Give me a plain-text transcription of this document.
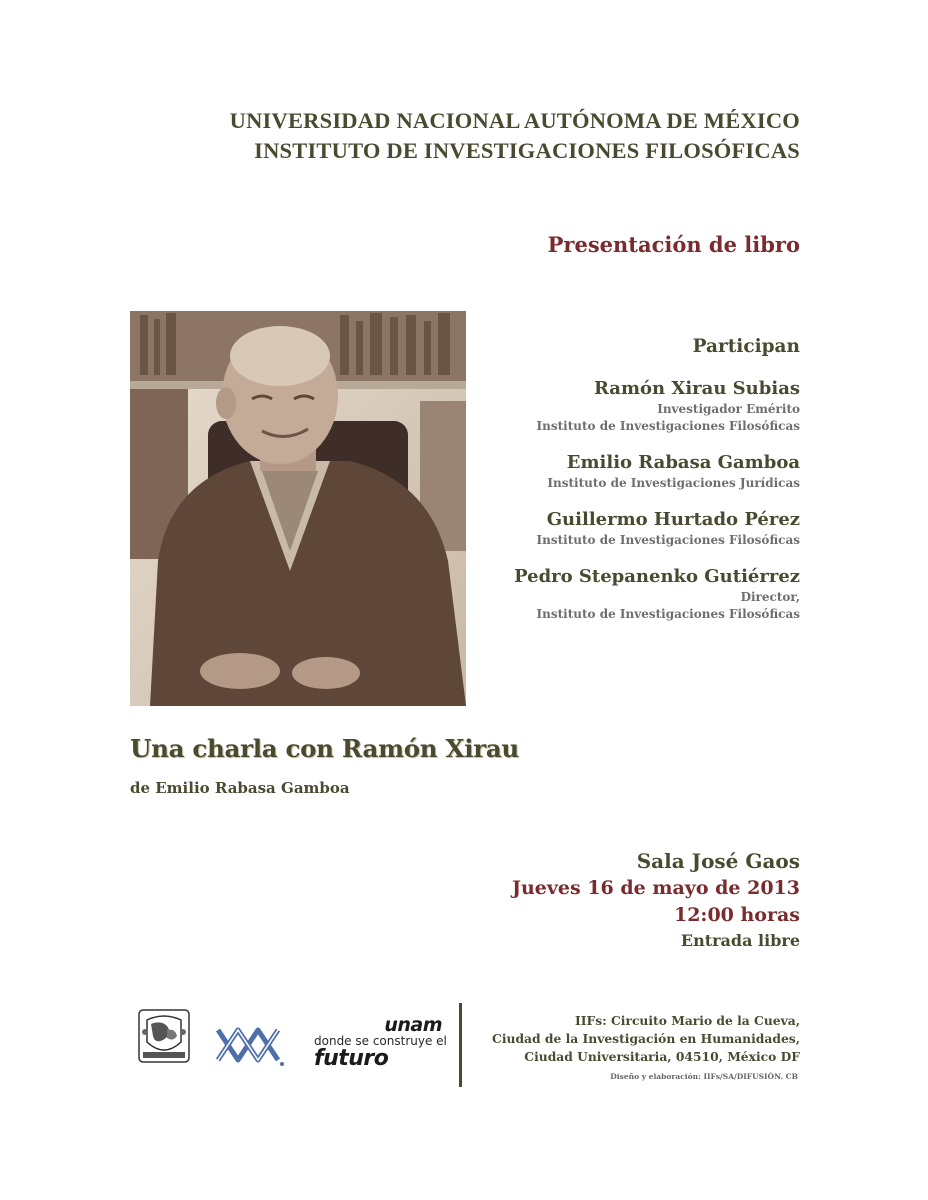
UNIVERSIDAD NACIONAL AUTÓNOMA DE MÉXICO
INSTITUTO DE INVESTIGACIONES FILOSÓFICAS
Presentación de libro
Participan
Ramón Xirau Subias
Investigador Emérito
Instituto de Investigaciones Filosóficas
Emilio Rabasa Gamboa
Instituto de Investigaciones Jurídicas
Guillermo Hurtado Pérez
Instituto de Investigaciones Filosóficas
Pedro Stepanenko Gutiérrez
Director,
Instituto de Investigaciones Filosóficas
Una charla con Ramón Xirau
de Emilio Rabasa Gamboa
Sala José Gaos
Jueves 16 de mayo de 2013
12:00 horas
Entrada libre
unam
donde se construye el
futuro
IIFs: Circuito Mario de la Cueva,
Ciudad de la Investigación en Humanidades,
Ciudad Universitaria, 04510, México DF
Diseño y elaboración: IIFs/SA/DIFUSIÓN. CB
